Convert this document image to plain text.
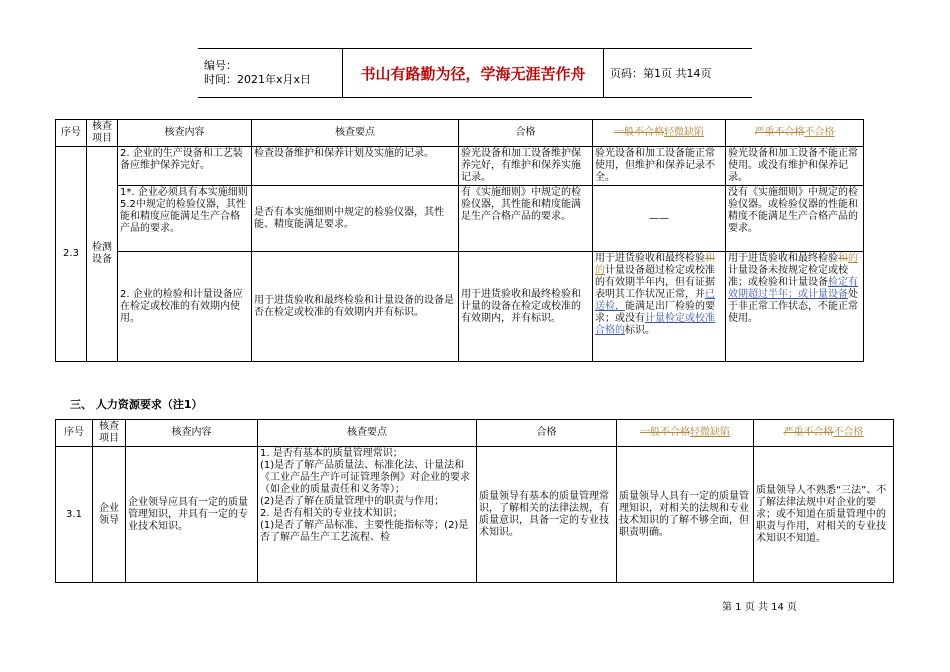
编号：
时间：2021年x月x日	书山有路勤为径，学海无涯苦作舟	页码：第1页 共14页
序号	核查项目	核查内容	核查要点	合格	一般不合格轻微缺陷	严重不合格不合格
2.3	检测设备	2. 企业的生产设备和工艺装备应维护保养完好。	检查设备维护和保养计划及实施的记录。	验光设备和加工设备维护保养完好，有维护和保养实施记录。	验光设备和加工设备能正常使用，但维护和保养记录不全。	验光设备和加工设备不能正常使用。或没有维护和保养记录。
		1*. 企业必须具有本实施细则5.2中规定的检验仪器，其性能和精度应能满足生产合格产品的要求。	是否有本实施细则中规定的检验仪器，其性能、精度能满足要求。	有《实施细则》中规定的检验仪器，其性能和精度能满足生产合格产品的要求。	——	没有《实施细则》中规定的检验仪器。或检验仪器的性能和精度不能满足生产合格产品的要求。
		2. 企业的检验和计量设备应在检定或校准的有效期内使用。	用于进货验收和最终检验和计量设备的设备是否在检定或校准的有效期内并有标识。	用于进货验收和最终检验和计量的设备在检定或校准的有效期内，并有标识。	用于进货验收和最终检验和的计量设备超过检定或校准的有效期半年内，但有证据表明其工作状况正常，并已送检，能满足出厂检验的要求；或没有计量检定或校准合格的标识。	用于进货验收和最终检验和的计量设备未按规定检定或校准；或检验和计量设备检定有效期超过半年；或计量设备处于非正常工作状态，不能正常使用。
三、 人力资源要求（注1）
序号	核查项目	核查内容	核查要点	合格	一般不合格轻微缺陷	严重不合格不合格
3.1	企业领导	企业领导应具有一定的质量管理知识，并具有一定的专业技术知识。	1. 是否有基本的质量管理常识；
(1)是否了解产品质量法、标准化法、计量法和《工业产品生产许可证管理条例》对企业的要求（如企业的质量责任和义务等）；
(2)是否了解在质量管理中的职责与作用；
2. 是否有相关的专业技术知识；
(1)是否了解产品标准、主要性能指标等；(2)是否了解产品生产工艺流程、检	质量领导有基本的质量管理常识，了解相关的法律法规，有质量意识，具备一定的专业技术知识。	质量领导人具有一定的质量管理知识，对相关的法规和专业技术知识的了解不够全面，但职责明确。	质量领导人不熟悉“三法”、不了解法律法规中对企业的要求；或不知道在质量管理中的职责与作用，对相关的专业技术知识不知道。
第 1 页 共 14 页
